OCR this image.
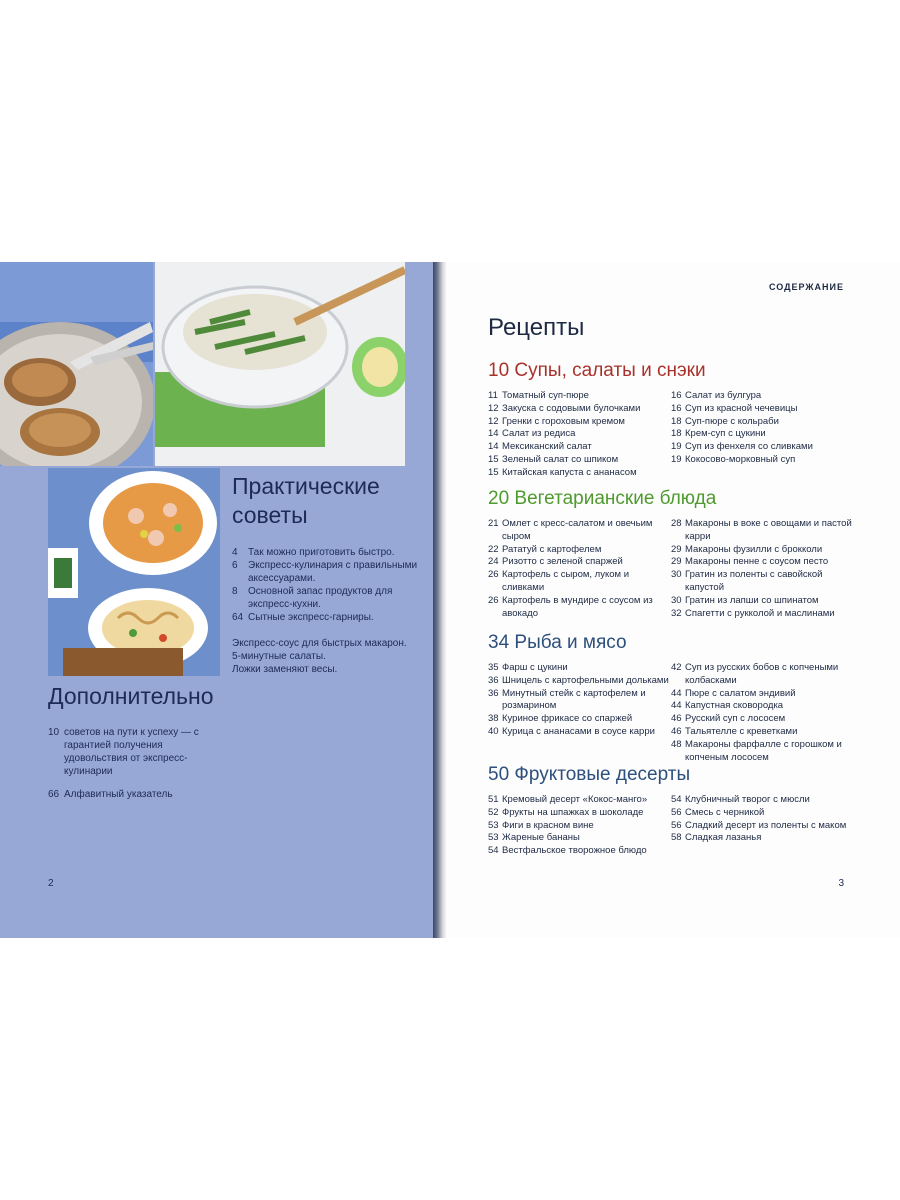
Практические
советы
4	Так можно приготовить быстро.
6	Экспресс-кулинария с правильными аксессуарами.
8	Основной запас продуктов для экспресс-кухни.
64 Сытные экспресс-гарниры.
Экспресс-соус для быстрых макарон.
5-минутные салаты.
Ложки заменяют весы.
Дополнительно
10 советов на пути к успеху — с гарантией получения удовольствия от экспресс-кулинарии
66 Алфавитный указатель
2
СОДЕРЖАНИЕ
Рецепты
10 Супы, салаты и снэки
11 Томатный суп-пюре
12 Закуска с содовыми булочками
12 Гренки с гороховым кремом
14 Салат из редиса
14 Мексиканский салат
15 Зеленый салат со шпиком
15 Китайская капуста с ананасом
16 Салат из булгура
16 Суп из красной чечевицы
18 Суп-пюре с кольраби
18 Крем-суп с цукини
19 Суп из фенхеля со сливками
19 Кокосово-морковный суп
20 Вегетарианские блюда
21 Омлет с кресс-салатом и овечьим сыром
22 Рататуй с картофелем
24 Ризотто с зеленой спаржей
26 Картофель с сыром, луком и сливками
26 Картофель в мундире с соусом из авокадо
28 Макароны в воке с овощами и пастой карри
29 Макароны фузилли с брокколи
29 Макароны пенне с соусом песто
30 Гратин из поленты с савойской капустой
30 Гратин из лапши со шпинатом
32 Спагетти с рукколой и маслинами
34 Рыба и мясо
35 Фарш с цукини
36 Шницель с картофельными дольками
36 Минутный стейк с картофелем и розмарином
38 Куриное фрикасе со спаржей
40 Курица с ананасами в соусе карри
42 Суп из русских бобов с копчеными колбасками
44 Пюре с салатом эндивий
44 Капустная сковородка
46 Русский суп с лососем
46 Тальятелле с креветками
48 Макароны фарфалле с горошком и копченым лососем
50 Фруктовые десерты
51 Кремовый десерт «Кокос-манго»
52 Фрукты на шпажках в шоколаде
53 Фиги в красном вине
53 Жареные бананы
54 Вестфальское творожное блюдо
54 Клубничный творог с мюсли
56 Смесь с черникой
56 Сладкий десерт из поленты с маком
58 Сладкая лазанья
3
